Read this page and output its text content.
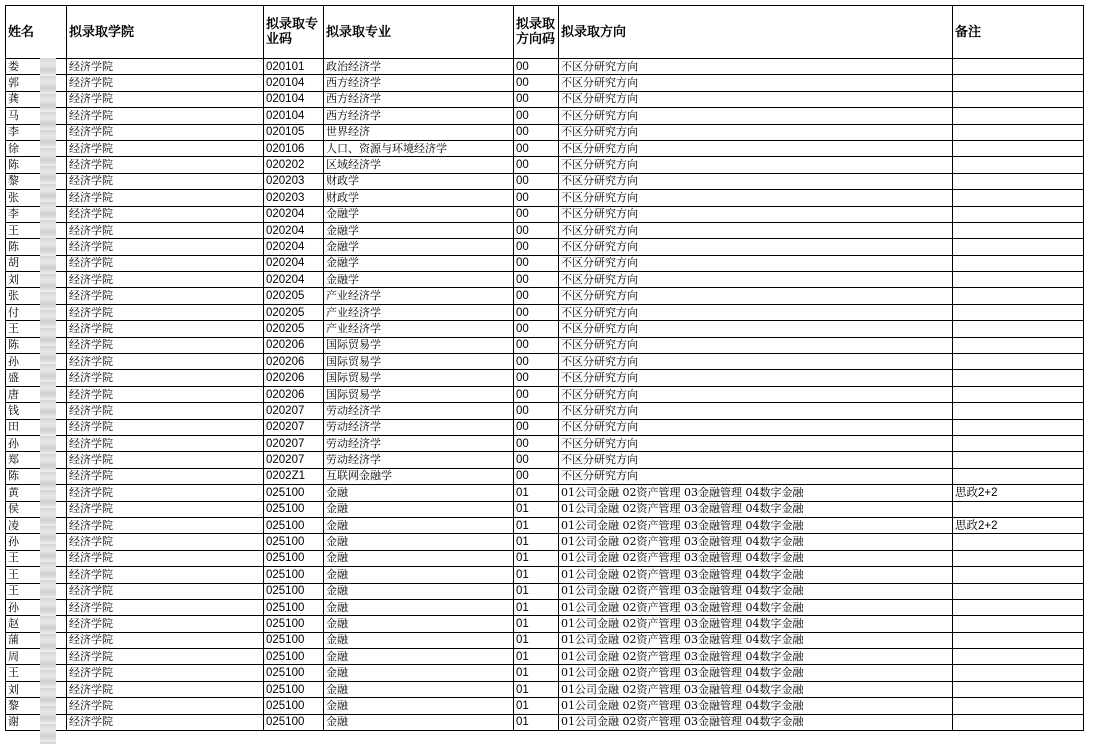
姓名	拟录取学院	拟录取专业码	拟录取专业	拟录取方向码	拟录取方向	备注
娄	经济学院	020101	政治经济学	00	不区分研究方向	
郭	经济学院	020104	西方经济学	00	不区分研究方向	
龚	经济学院	020104	西方经济学	00	不区分研究方向	
马	经济学院	020104	西方经济学	00	不区分研究方向	
李	经济学院	020105	世界经济	00	不区分研究方向	
徐	经济学院	020106	人口、资源与环境经济学	00	不区分研究方向	
陈	经济学院	020202	区域经济学	00	不区分研究方向	
黎	经济学院	020203	财政学	00	不区分研究方向	
张	经济学院	020203	财政学	00	不区分研究方向	
李	经济学院	020204	金融学	00	不区分研究方向	
王	经济学院	020204	金融学	00	不区分研究方向	
陈	经济学院	020204	金融学	00	不区分研究方向	
胡	经济学院	020204	金融学	00	不区分研究方向	
刘	经济学院	020204	金融学	00	不区分研究方向	
张	经济学院	020205	产业经济学	00	不区分研究方向	
付	经济学院	020205	产业经济学	00	不区分研究方向	
王	经济学院	020205	产业经济学	00	不区分研究方向	
陈	经济学院	020206	国际贸易学	00	不区分研究方向	
孙	经济学院	020206	国际贸易学	00	不区分研究方向	
盛	经济学院	020206	国际贸易学	00	不区分研究方向	
唐	经济学院	020206	国际贸易学	00	不区分研究方向	
钱	经济学院	020207	劳动经济学	00	不区分研究方向	
田	经济学院	020207	劳动经济学	00	不区分研究方向	
孙	经济学院	020207	劳动经济学	00	不区分研究方向	
郑	经济学院	020207	劳动经济学	00	不区分研究方向	
陈	经济学院	0202Z1	互联网金融学	00	不区分研究方向	
黄	经济学院	025100	金融	01	01公司金融 02资产管理 03金融管理 04数字金融	思政2+2
侯	经济学院	025100	金融	01	01公司金融 02资产管理 03金融管理 04数字金融	
凌	经济学院	025100	金融	01	01公司金融 02资产管理 03金融管理 04数字金融	思政2+2
孙	经济学院	025100	金融	01	01公司金融 02资产管理 03金融管理 04数字金融	
王	经济学院	025100	金融	01	01公司金融 02资产管理 03金融管理 04数字金融	
王	经济学院	025100	金融	01	01公司金融 02资产管理 03金融管理 04数字金融	
王	经济学院	025100	金融	01	01公司金融 02资产管理 03金融管理 04数字金融	
孙	经济学院	025100	金融	01	01公司金融 02资产管理 03金融管理 04数字金融	
赵	经济学院	025100	金融	01	01公司金融 02资产管理 03金融管理 04数字金融	
蒲	经济学院	025100	金融	01	01公司金融 02资产管理 03金融管理 04数字金融	
周	经济学院	025100	金融	01	01公司金融 02资产管理 03金融管理 04数字金融	
王	经济学院	025100	金融	01	01公司金融 02资产管理 03金融管理 04数字金融	
刘	经济学院	025100	金融	01	01公司金融 02资产管理 03金融管理 04数字金融	
黎	经济学院	025100	金融	01	01公司金融 02资产管理 03金融管理 04数字金融	
谢	经济学院	025100	金融	01	01公司金融 02资产管理 03金融管理 04数字金融	
